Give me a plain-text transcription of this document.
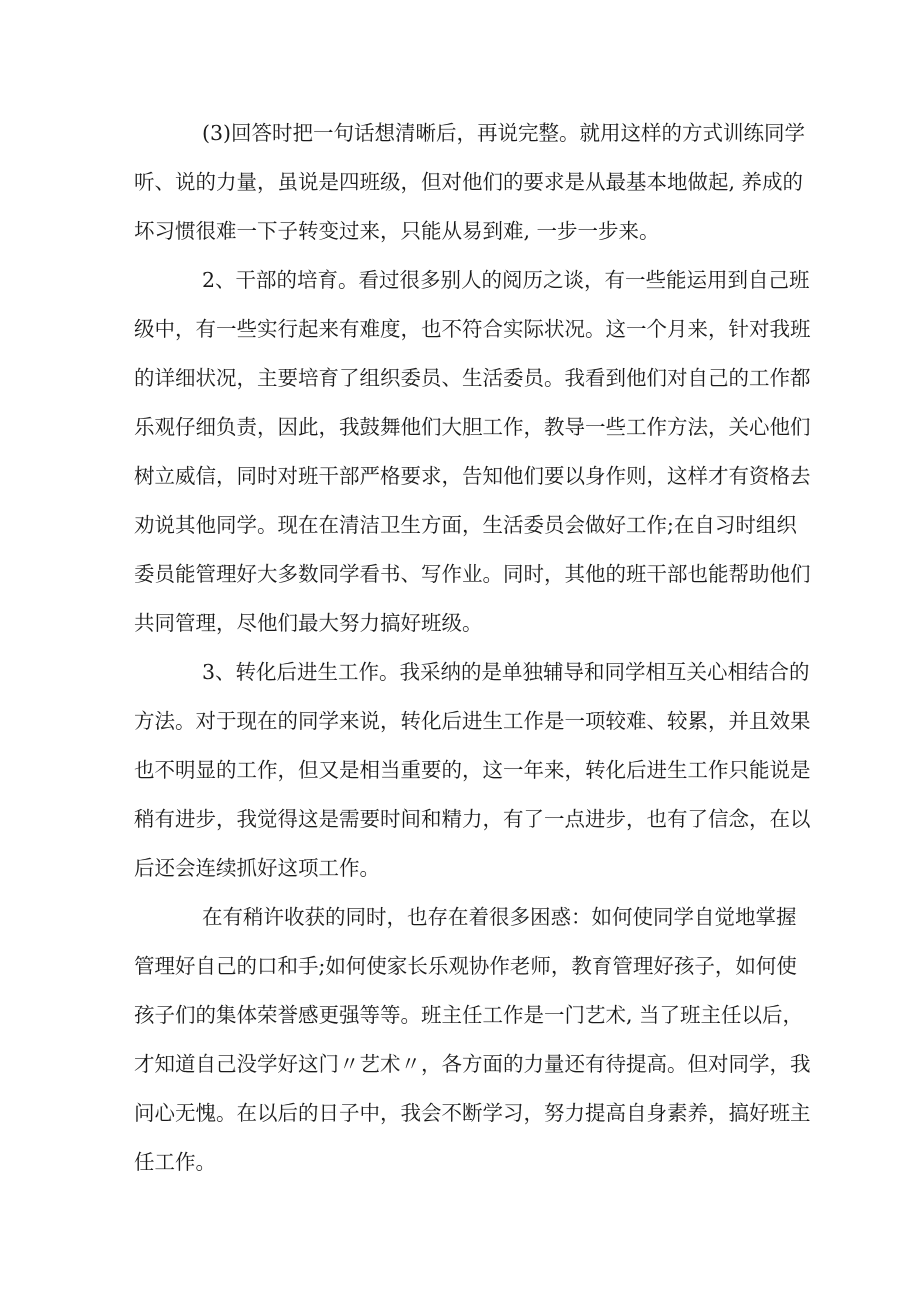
(3)回答时把一句话想清晰后，再说完整。就用这样的方式训练同学

听、说的力量，虽说是四班级，但对他们的要求是从最基本地做起, 养成的

坏习惯很难一下子转变过来，只能从易到难, 一步一步来。

2、干部的培育。看过很多别人的阅历之谈，有一些能运用到自己班

级中，有一些实行起来有难度，也不符合实际状况。这一个月来，针对我班

的详细状况，主要培育了组织委员、生活委员。我看到他们对自己的工作都

乐观仔细负责，因此，我鼓舞他们大胆工作，教导一些工作方法，关心他们

树立威信，同时对班干部严格要求，告知他们要以身作则，这样才有资格去

劝说其他同学。现在在清洁卫生方面，生活委员会做好工作;在自习时组织

委员能管理好大多数同学看书、写作业。同时，其他的班干部也能帮助他们

共同管理，尽他们最大努力搞好班级。

3、转化后进生工作。我采纳的是单独辅导和同学相互关心相结合的

方法。对于现在的同学来说，转化后进生工作是一项较难、较累，并且效果

也不明显的工作，但又是相当重要的，这一年来，转化后进生工作只能说是

稍有进步，我觉得这是需要时间和精力，有了一点进步，也有了信念，在以

后还会连续抓好这项工作。

在有稍许收获的同时，也存在着很多困惑：如何使同学自觉地掌握

管理好自己的口和手;如何使家长乐观协作老师，教育管理好孩子，如何使

孩子们的集体荣誉感更强等等。班主任工作是一门艺术, 当了班主任以后，

才知道自己没学好这门〃艺术〃，各方面的力量还有待提高。但对同学，我

问心无愧。在以后的日子中，我会不断学习，努力提高自身素养，搞好班主

任工作。
